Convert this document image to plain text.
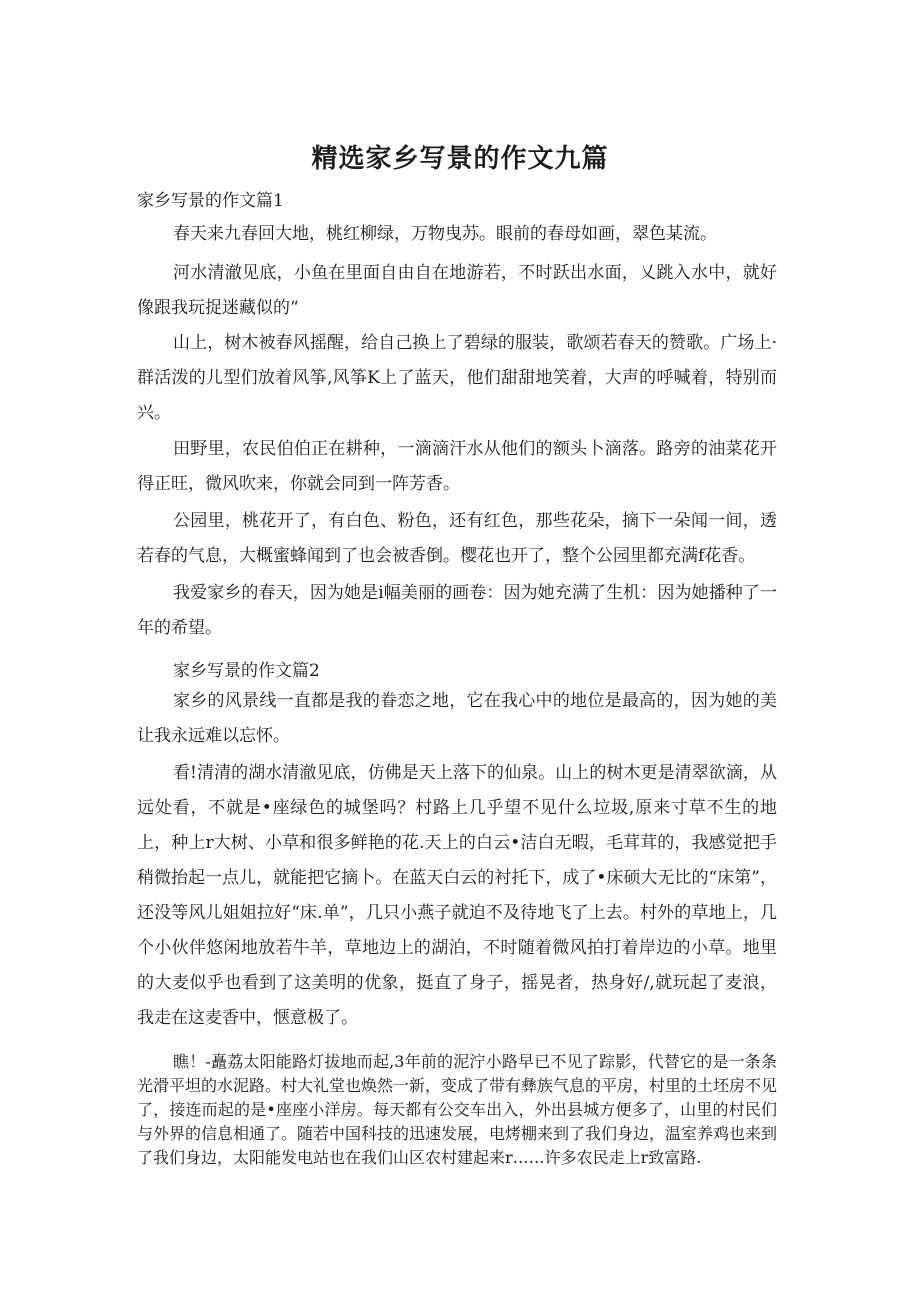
精选家乡写景的作文九篇

家乡写景的作文篇1

春天来九春回大地，桃红柳绿，万物曳苏。眼前的春母如画，翠色某流。

河水清澈见底，小鱼在里面自由自在地游若，不时跃出水面，乂跳入水中，就好像跟我玩捉迷藏似的“

山上，树木被春风摇醒，给自己换上了碧绿的服装，歌颂若春天的赞歌。广场上·群活泼的儿型们放着风筝,风筝K上了蓝天，他们甜甜地笑着，大声的呼喊着，特别而兴。

田野里，农民伯伯正在耕种，一滴滴汗水从他们的额头卜滴落。路旁的油菜花开得正旺，微风吹来，你就会同到一阵芳香。

公园里，桃花开了，有白色、粉色，还有红色，那些花朵，摘下一朵闻一间，透若春的气息，大概蜜蜂闻到了也会被香倒。樱花也开了，整个公园里都充满f花香。

我爱家乡的春天，因为她是i幅美丽的画卷：因为她充满了生机：因为她播种了一年的希望。

家乡写景的作文篇2

家乡的风景线一直都是我的眷恋之地，它在我心中的地位是最高的，因为她的美让我永远难以忘怀。

看!清清的湖水清澈见底，仿佛是天上落下的仙泉。山上的树木更是清翠欲滴，从远处看，不就是•座绿色的城堡吗？村路上几乎望不见什么垃圾,原来寸草不生的地上，种上r大树、小草和很多鲜艳的花.天上的白云•洁白无暇，毛茸茸的，我感觉把手稍微抬起一点儿，就能把它摘卜。在蓝天白云的衬托下，成了•床硕大无比的“床第”，还没等风儿姐姐拉好“床.单”，几只小燕子就迫不及待地飞了上去。村外的草地上，几个小伙伴悠闲地放若牛羊，草地边上的湖泊，不时随着微风拍打着岸边的小草。地里的大麦似乎也看到了这美明的优象，挺直了身子，摇晃者，热身好/,就玩起了麦浪，我走在这麦香中，惬意极了。

瞧！-矗荔太阳能路灯拔地而起,3年前的泥泞小路早已不见了踪影，代替它的是一条条光滑平坦的水泥路。村大礼堂也焕然一新，变成了带有彝族气息的平房，村里的土坯房不见了，接连而起的是•座座小洋房。每天都有公交车出入，外出县城方便多了，山里的村民们与外界的信息相通了。随若中国科技的迅速发展，电烤棚来到了我们身边，温室养鸡也来到了我们身边，太阳能发电站也在我们山区农村建起来r……许多农民走上r致富路.
